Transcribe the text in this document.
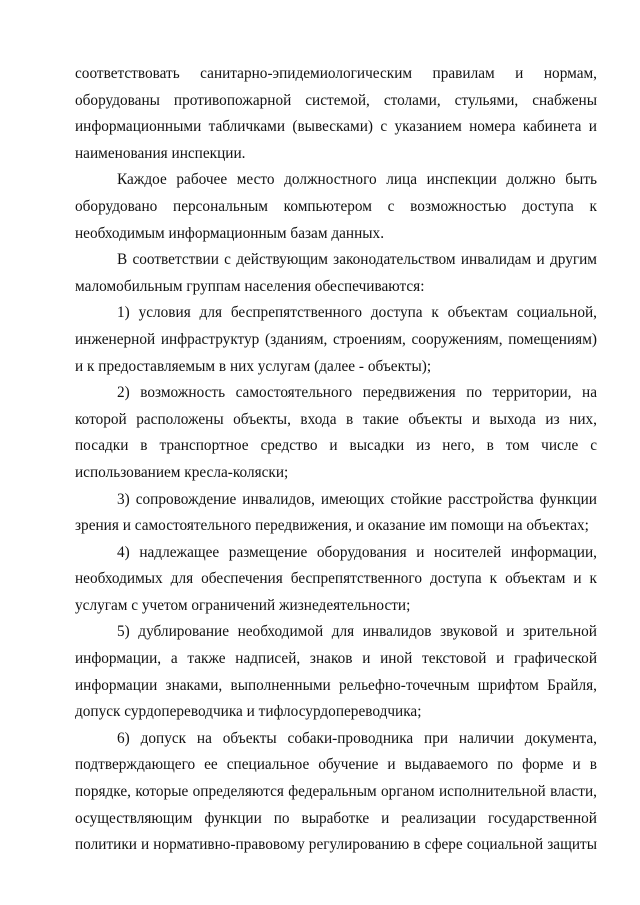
соответствовать санитарно-эпидемиологическим правилам и нормам, оборудованы противопожарной системой, столами, стульями, снабжены информационными табличками (вывесками) с указанием номера кабинета и наименования инспекции.

Каждое рабочее место должностного лица инспекции должно быть оборудовано персональным компьютером с возможностью доступа к необходимым информационным базам данных.

В соответствии с действующим законодательством инвалидам и другим маломобильным группам населения обеспечиваются:

1) условия для беспрепятственного доступа к объектам социальной, инженерной инфраструктур (зданиям, строениям, сооружениям, помещениям) и к предоставляемым в них услугам (далее - объекты);

2) возможность самостоятельного передвижения по территории, на которой расположены объекты, входа в такие объекты и выхода из них, посадки в транспортное средство и высадки из него, в том числе с использованием кресла-коляски;

3) сопровождение инвалидов, имеющих стойкие расстройства функции зрения и самостоятельного передвижения, и оказание им помощи на объектах;

4) надлежащее размещение оборудования и носителей информации, необходимых для обеспечения беспрепятственного доступа к объектам и к услугам с учетом ограничений жизнедеятельности;

5) дублирование необходимой для инвалидов звуковой и зрительной информации, а также надписей, знаков и иной текстовой и графической информации знаками, выполненными рельефно-точечным шрифтом Брайля, допуск сурдопереводчика и тифлосурдопереводчика;

6) допуск на объекты собаки-проводника при наличии документа, подтверждающего ее специальное обучение и выдаваемого по форме и в порядке, которые определяются федеральным органом исполнительной власти, осуществляющим функции по выработке и реализации государственной политики и нормативно-правовому регулированию в сфере социальной защиты
